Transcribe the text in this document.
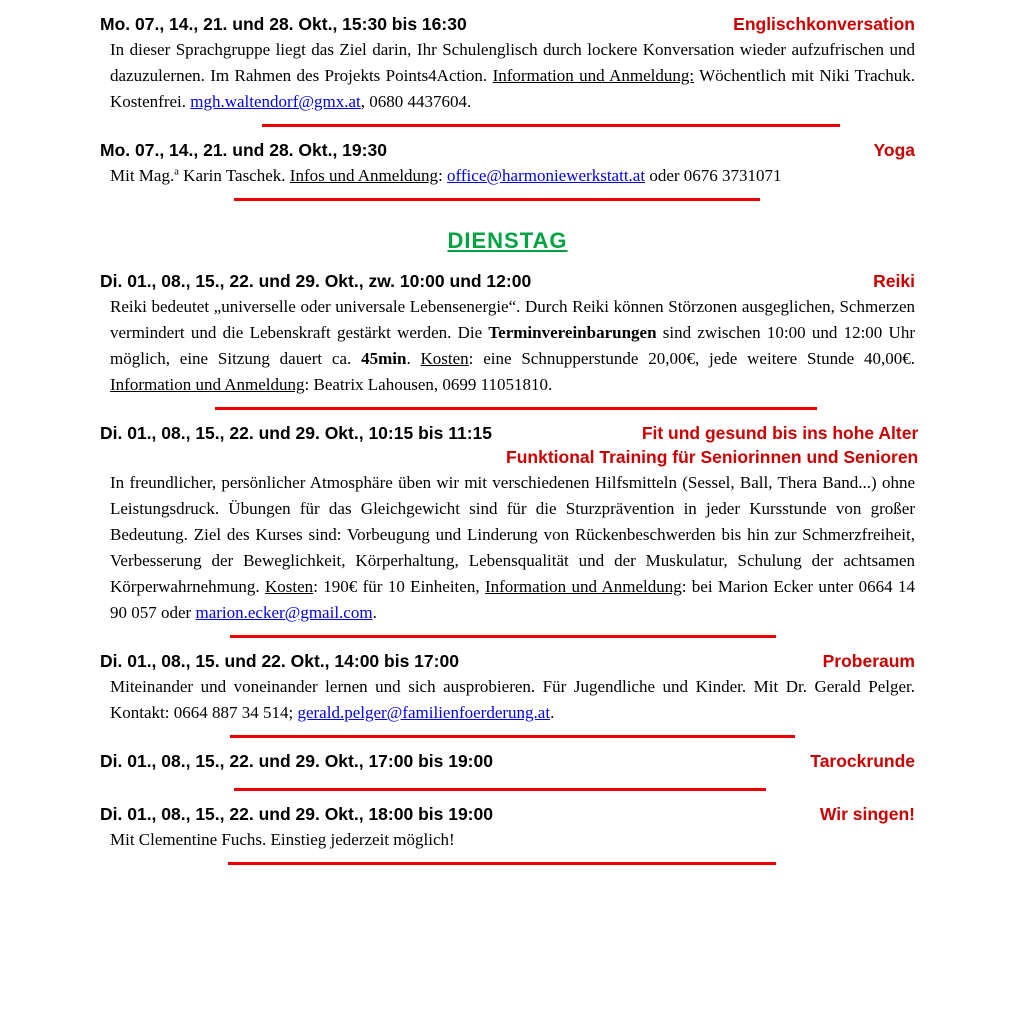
Mo. 07., 14., 21. und 28. Okt., 15:30 bis 16:30	Englischkonversation

In dieser Sprachgruppe liegt das Ziel darin, Ihr Schulenglisch durch lockere Konversation wieder aufzufrischen und dazuzulernen. Im Rahmen des Projekts Points4Action. Information und Anmeldung: Wöchentlich mit Niki Trachuk. Kostenfrei. mgh.waltendorf@gmx.at, 0680 4437604.

Mo. 07., 14., 21. und 28. Okt., 19:30	Yoga

Mit Mag.$^a$ Karin Taschek. Infos und Anmeldung: office@harmoniewerkstatt.at oder 0676 3731071

DIENSTAG
Di. 01., 08., 15., 22. und 29. Okt., zw. 10:00 und 12:00	Reiki

Reiki bedeutet „universelle oder universale Lebensenergie“. Durch Reiki können Störzonen ausgeglichen, Schmerzen vermindert und die Lebenskraft gestärkt werden. Die Terminvereinbarungen sind zwischen 10:00 und 12:00 Uhr möglich, eine Sitzung dauert ca. 45min. Kosten: eine Schnupperstunde 20,00€, jede weitere Stunde 40,00€. Information und Anmeldung: Beatrix Lahousen, 0699 11051810.

Di. 01., 08., 15., 22. und 29. Okt., 10:15 bis 11:15	Fit und gesund bis ins hohe Alter
Funktional Training für Seniorinnen und Senioren

In freundlicher, persönlicher Atmosphäre üben wir mit verschiedenen Hilfsmitteln (Sessel, Ball, Thera Band...) ohne Leistungsdruck. Übungen für das Gleichgewicht sind für die Sturzprävention in jeder Kursstunde von großer Bedeutung. Ziel des Kurses sind: Vorbeugung und Linderung von Rückenbeschwerden bis hin zur Schmerzfreiheit, Verbesserung der Beweglichkeit, Körperhaltung, Lebensqualität und der Muskulatur, Schulung der achtsamen Körperwahrnehmung. Kosten: 190€ für 10 Einheiten, Information und Anmeldung: bei Marion Ecker unter 0664 14 90 057 oder marion.ecker@gmail.com.

Di. 01., 08., 15. und 22. Okt., 14:00 bis 17:00	Proberaum

Miteinander und voneinander lernen und sich ausprobieren. Für Jugendliche und Kinder. Mit Dr. Gerald Pelger. Kontakt: 0664 887 34 514; gerald.pelger@familienfoerderung.at.

Di. 01., 08., 15., 22. und 29. Okt., 17:00 bis 19:00	Tarockrunde
Di. 01., 08., 15., 22. und 29. Okt., 18:00 bis 19:00	Wir singen!

Mit Clementine Fuchs. Einstieg jederzeit möglich!
